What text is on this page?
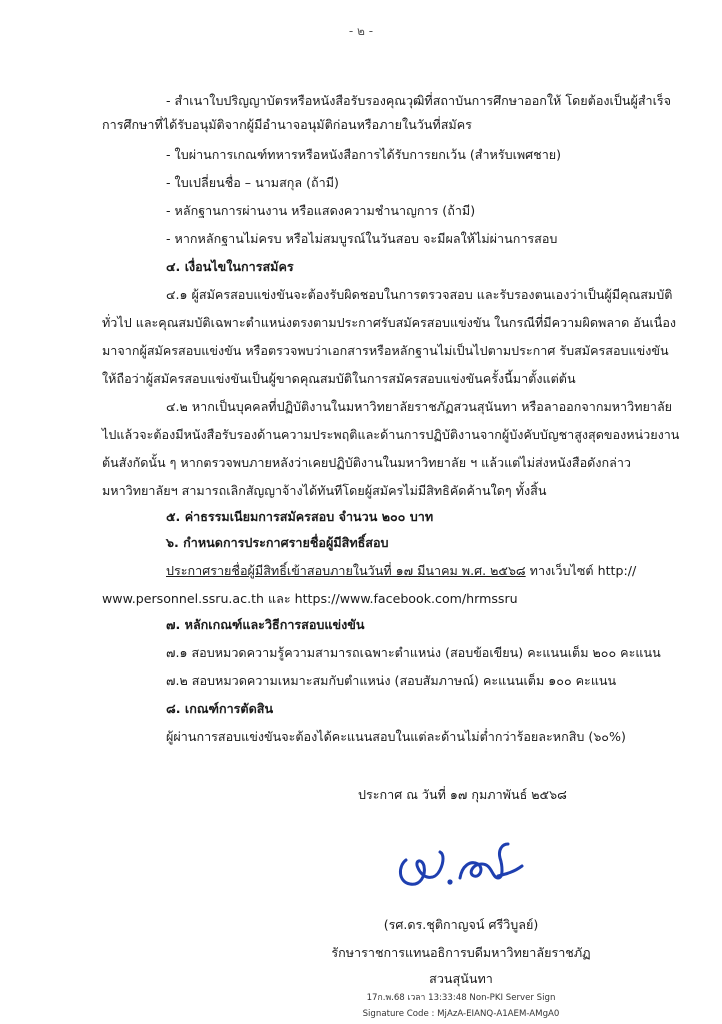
- ๒ -
- สำเนาใบปริญญาบัตรหรือหนังสือรับรองคุณวุฒิที่สถาบันการศึกษาออกให้ โดยต้องเป็นผู้สำเร็จ
การศึกษาที่ได้รับอนุมัติจากผู้มีอำนาจอนุมัติก่อนหรือภายในวันที่สมัคร
- ใบผ่านการเกณฑ์ทหารหรือหนังสือการได้รับการยกเว้น (สำหรับเพศชาย)
- ใบเปลี่ยนชื่อ – นามสกุล (ถ้ามี)
- หลักฐานการผ่านงาน หรือแสดงความชำนาญการ (ถ้ามี)
- หากหลักฐานไม่ครบ หรือไม่สมบูรณ์ในวันสอบ จะมีผลให้ไม่ผ่านการสอบ
๔. เงื่อนไขในการสมัคร
๔.๑ ผู้สมัครสอบแข่งขันจะต้องรับผิดชอบในการตรวจสอบ และรับรองตนเองว่าเป็นผู้มีคุณสมบัติ
ทั่วไป และคุณสมบัติเฉพาะตำแหน่งตรงตามประกาศรับสมัครสอบแข่งขัน ในกรณีที่มีความผิดพลาด อันเนื่อง
มาจากผู้สมัครสอบแข่งขัน หรือตรวจพบว่าเอกสารหรือหลักฐานไม่เป็นไปตามประกาศ รับสมัครสอบแข่งขัน
ให้ถือว่าผู้สมัครสอบแข่งขันเป็นผู้ขาดคุณสมบัติในการสมัครสอบแข่งขันครั้งนี้มาตั้งแต่ต้น
๔.๒ หากเป็นบุคคลที่ปฏิบัติงานในมหาวิทยาลัยราชภัฏสวนสุนันทา หรือลาออกจากมหาวิทยาลัย
ไปแล้วจะต้องมีหนังสือรับรองด้านความประพฤติและด้านการปฏิบัติงานจากผู้บังคับบัญชาสูงสุดของหน่วยงาน
ต้นสังกัดนั้น ๆ หากตรวจพบภายหลังว่าเคยปฏิบัติงานในมหาวิทยาลัย ฯ แล้วแต่ไม่ส่งหนังสือดังกล่าว
มหาวิทยาลัยฯ สามารถเลิกสัญญาจ้างได้ทันทีโดยผู้สมัครไม่มีสิทธิคัดค้านใดๆ ทั้งสิ้น
๕. ค่าธรรมเนียมการสมัครสอบ จำนวน ๒๐๐ บาท
๖. กำหนดการประกาศรายชื่อผู้มีสิทธิ์สอบ
ประกาศรายชื่อผู้มีสิทธิ์เข้าสอบภายในวันที่ ๑๗ มีนาคม พ.ศ. ๒๕๖๘ ทางเว็บไซต์ http://
www.personnel.ssru.ac.th และ https://www.facebook.com/hrmssru
๗. หลักเกณฑ์และวิธีการสอบแข่งขัน
๗.๑ สอบหมวดความรู้ความสามารถเฉพาะตำแหน่ง (สอบข้อเขียน) คะแนนเต็ม ๒๐๐ คะแนน
๗.๒ สอบหมวดความเหมาะสมกับตำแหน่ง (สอบสัมภาษณ์) คะแนนเต็ม ๑๐๐ คะแนน
๘. เกณฑ์การตัดสิน
ผู้ผ่านการสอบแข่งขันจะต้องได้คะแนนสอบในแต่ละด้านไม่ต่ำกว่าร้อยละหกสิบ (๖๐%)
ประกาศ ณ วันที่ ๑๗ กุมภาพันธ์ ๒๕๖๘
(รศ.ดร.ชุติกาญจน์ ศรีวิบูลย์)
รักษาราชการแทนอธิการบดีมหาวิทยาลัยราชภัฏ
สวนสุนันทา
17ก.พ.68 เวลา 13:33:48 Non-PKI Server Sign
Signature Code : MjAzA-EIANQ-A1AEM-AMgA0
